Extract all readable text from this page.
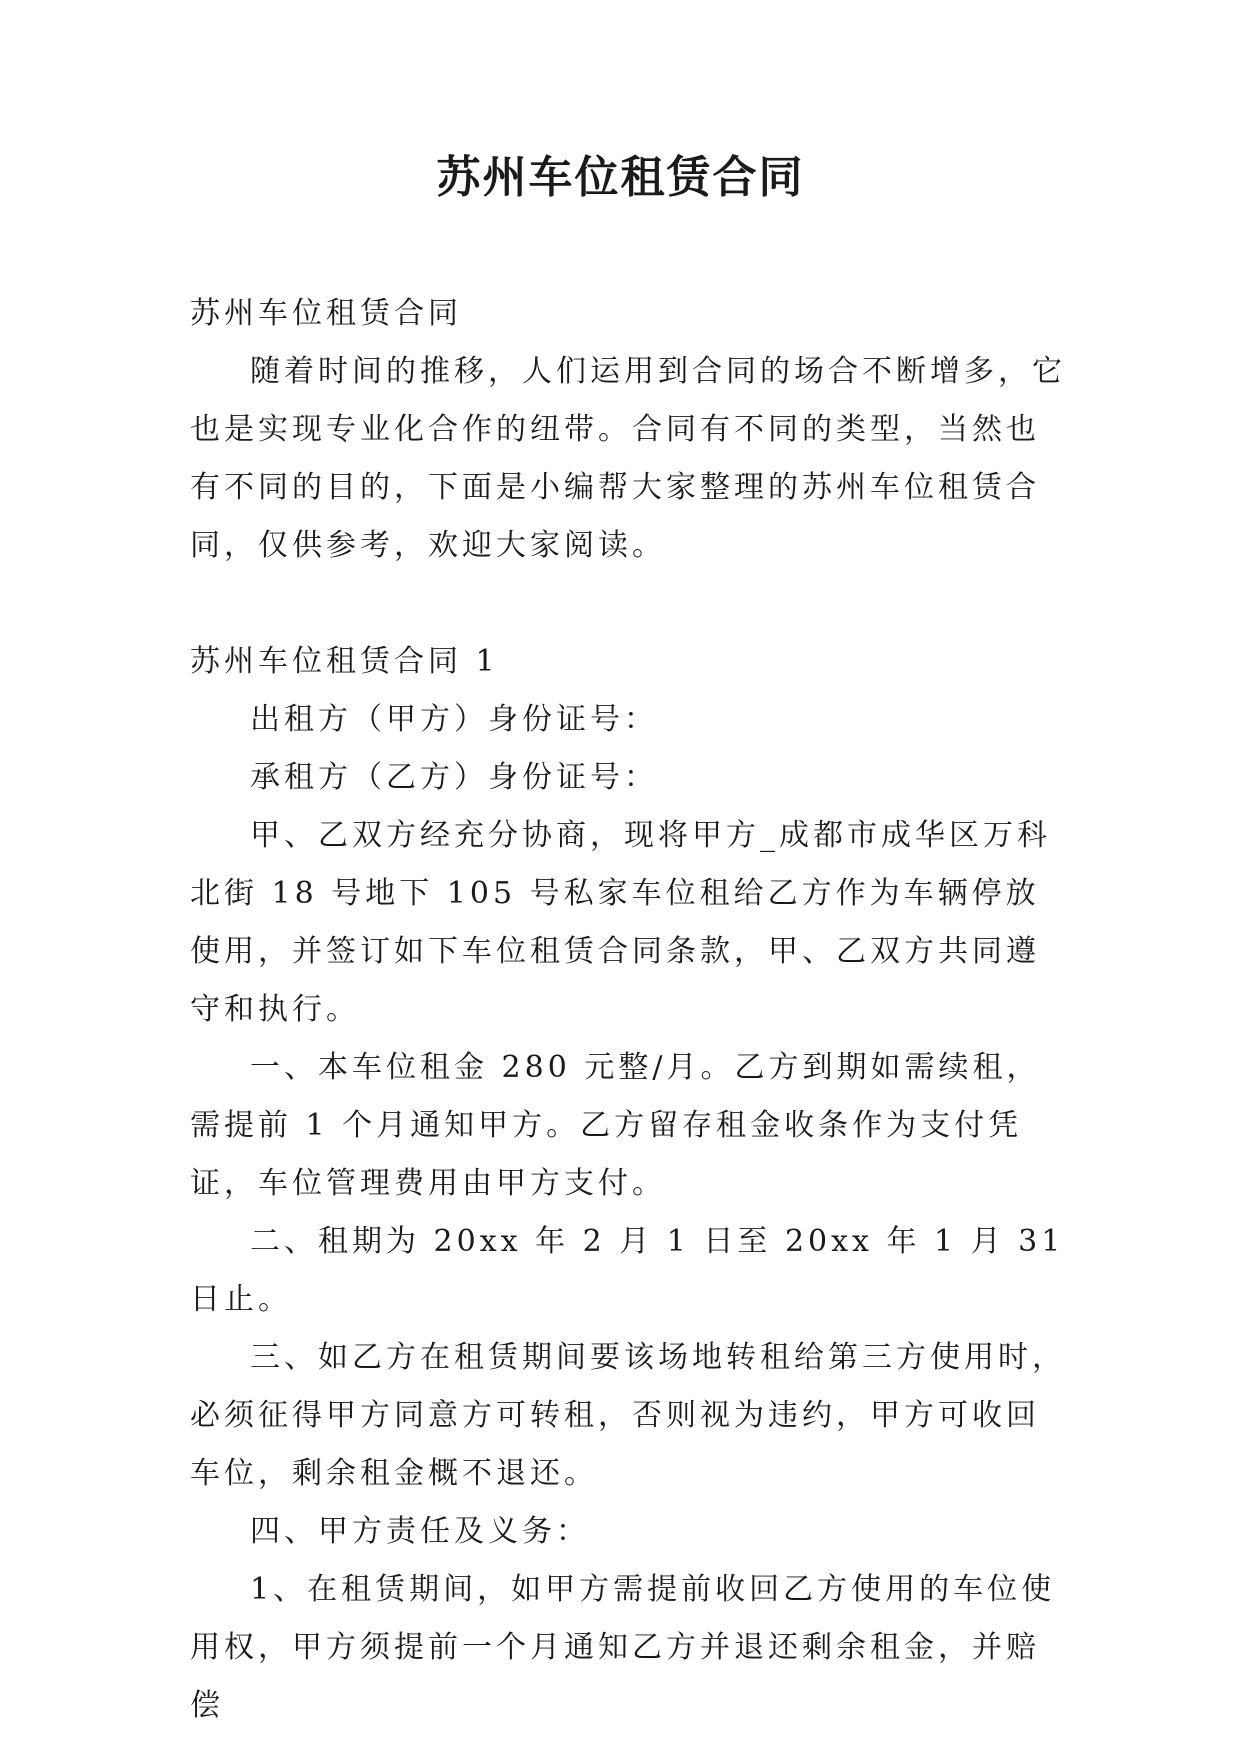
苏州车位租赁合同

苏州车位租赁合同

随着时间的推移，人们运用到合同的场合不断增多，它也是实现专业化合作的纽带。合同有不同的类型，当然也有不同的目的，下面是小编帮大家整理的苏州车位租赁合同，仅供参考，欢迎大家阅读。

苏州车位租赁合同 1

出租方（甲方）身份证号：

承租方（乙方）身份证号：

甲、乙双方经充分协商，现将甲方_成都市成华区万科北街 18 号地下 105 号私家车位租给乙方作为车辆停放使用，并签订如下车位租赁合同条款，甲、乙双方共同遵守和执行。

一、本车位租金 280 元整/月。乙方到期如需续租，需提前 1 个月通知甲方。乙方留存租金收条作为支付凭证，车位管理费用由甲方支付。

二、租期为 20xx 年 2 月 1 日至 20xx 年 1 月 31 日止。

三、如乙方在租赁期间要该场地转租给第三方使用时，必须征得甲方同意方可转租，否则视为违约，甲方可收回车位，剩余租金概不退还。

四、甲方责任及义务：

1、在租赁期间，如甲方需提前收回乙方使用的车位使用权，甲方须提前一个月通知乙方并退还剩余租金，并赔偿
